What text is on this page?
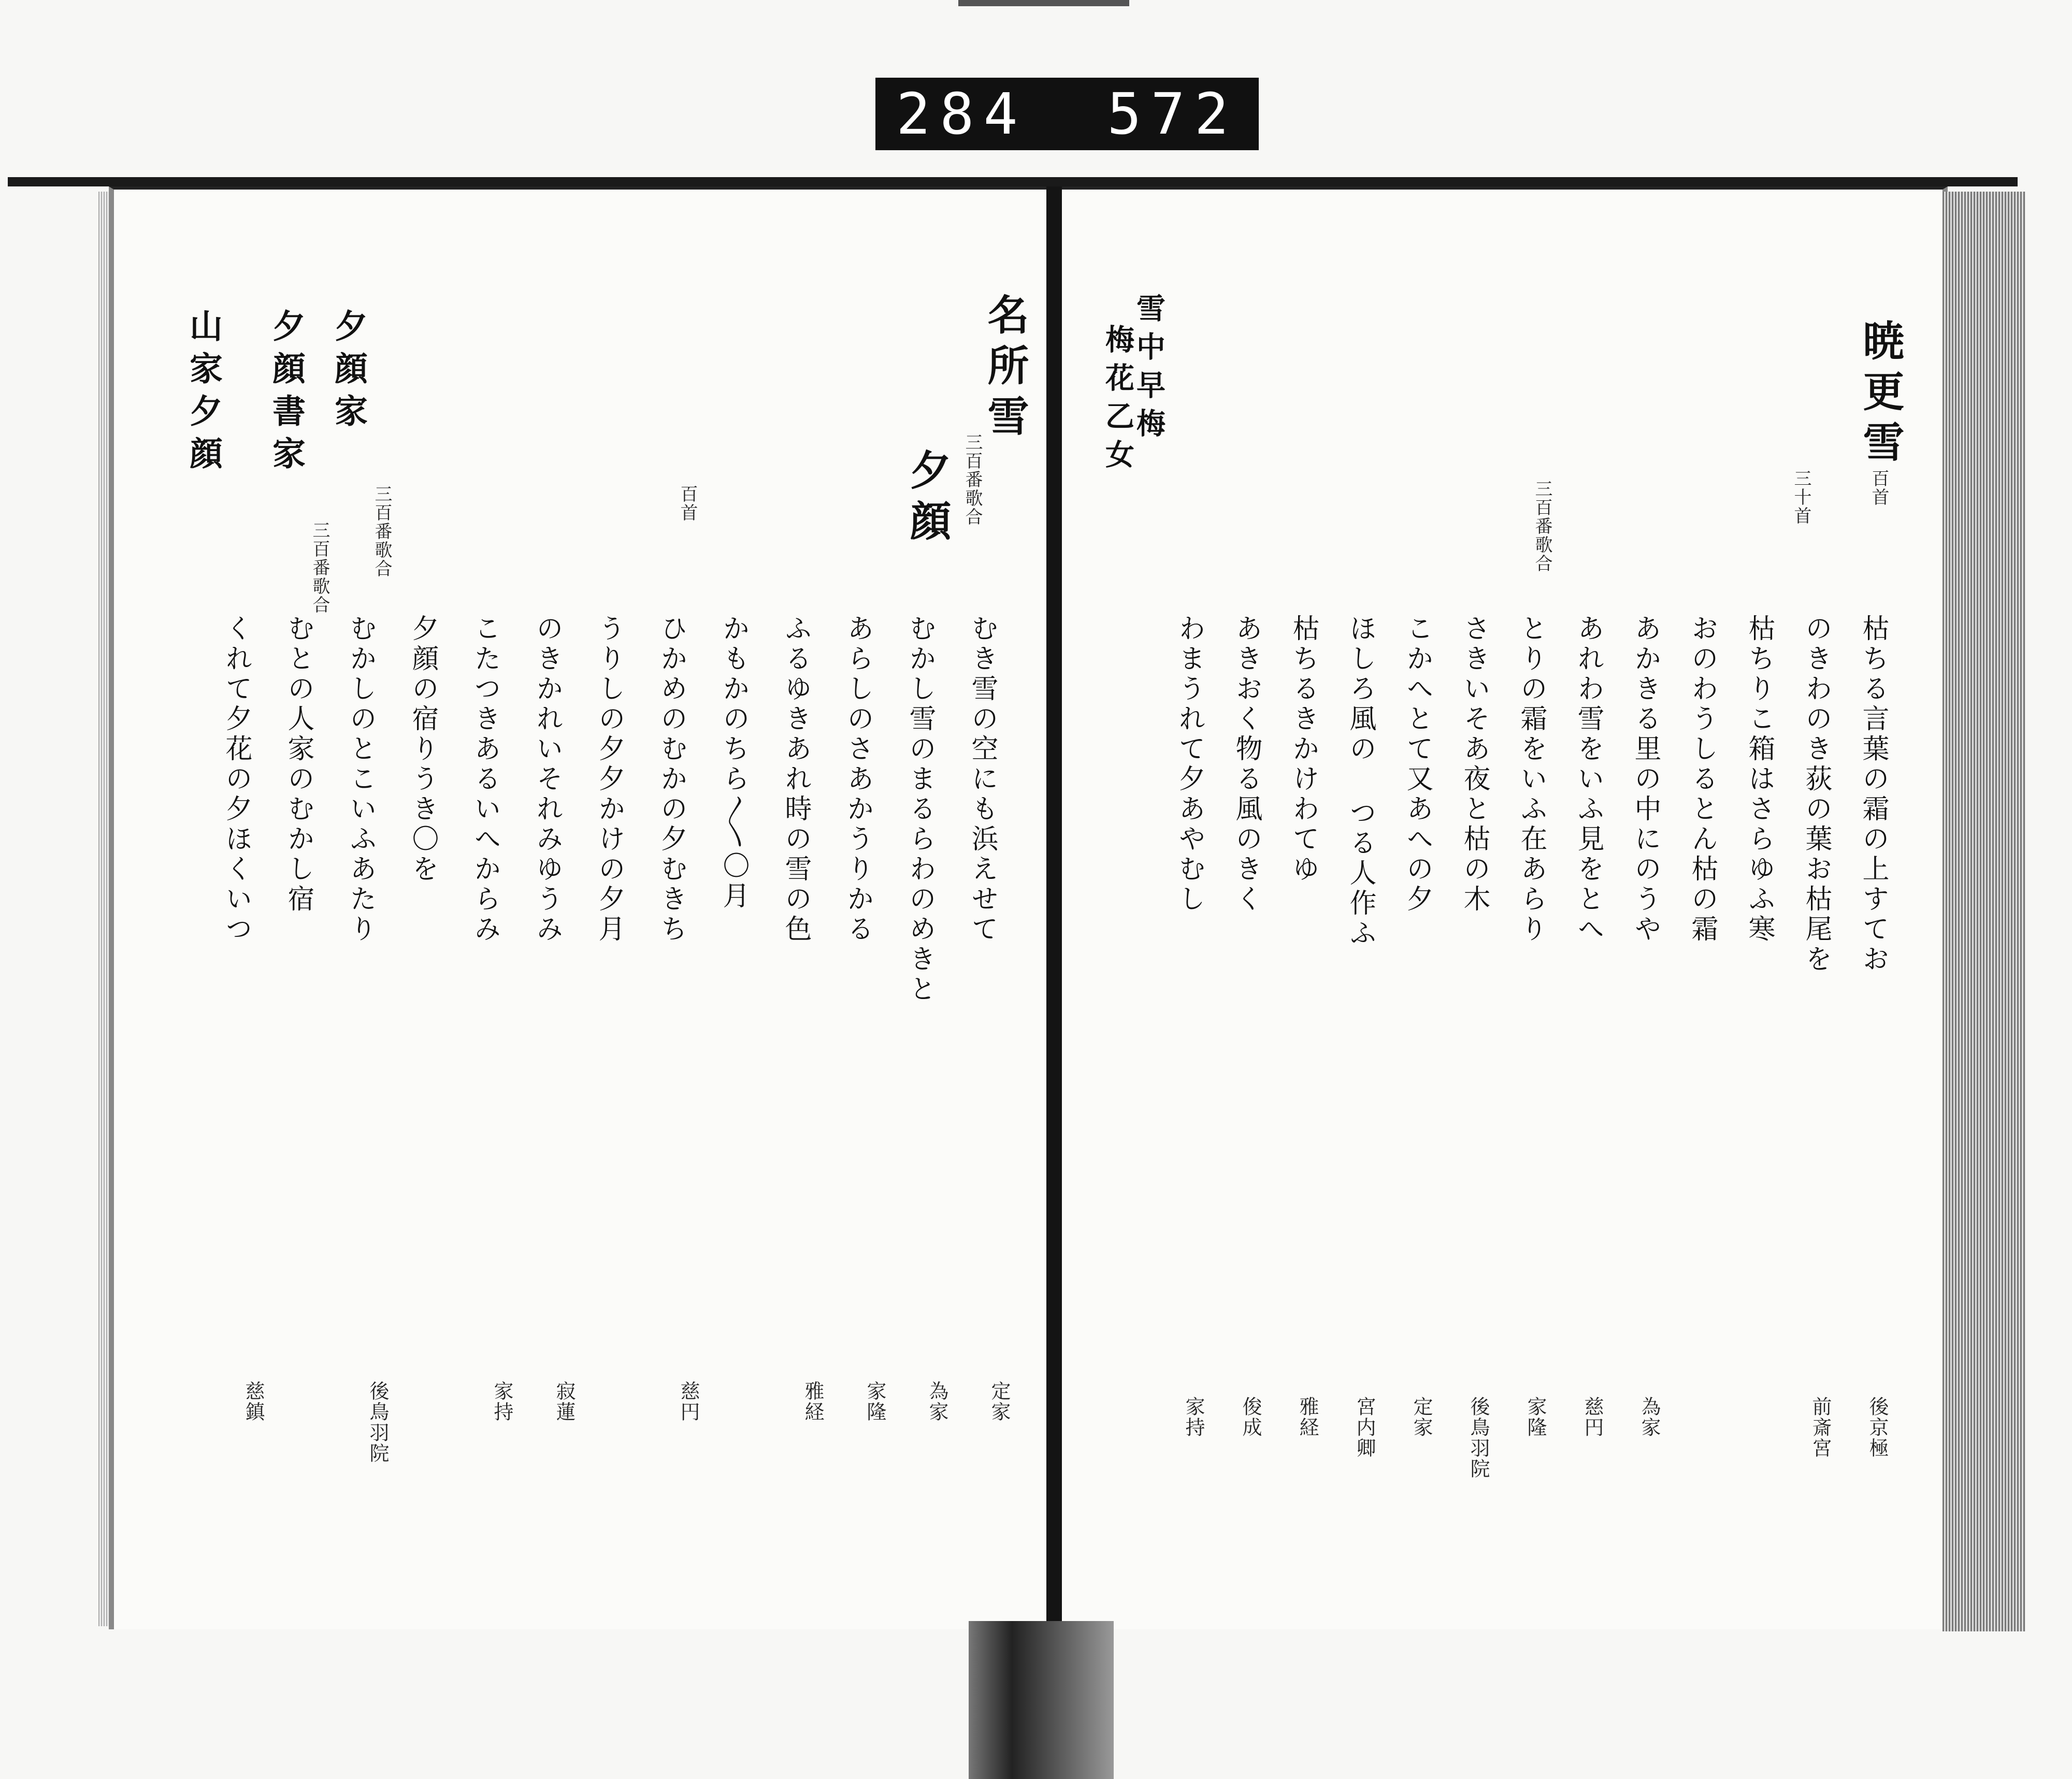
284 572
名所雪
三百番歌合
夕顔
むき雪の空にも浜えせて
むかし雪のまるらわのめきと
あらしのさあかうりかる
ふるゆきあれ時の雪の色
かもかのちら〳〵〇月
百首
ひかめのむかの夕むきち
うりしの夕夕かけの夕月
のきかれいそれみゆうみ
こたつきあるいへからみ
三百番歌合
夕顔の宿りうき〇を
むかしのとこいふあたり
三百番歌合
むとの人家のむかし宿
くれて夕花の夕ほくいつ
定家
為家
家隆
雅経
慈円
寂蓮
家持
後鳥羽院
慈鎮
夕顔家
夕顔書家
山家夕顔	暁更雪
百首
三十首
三百番歌合
雪中早梅
梅花乙女
枯ちる言葉の霜の上すてお
のきわのき荻の葉お枯尾を
枯ちりこ箱はさらゆふ寒
おのわうしるとん枯の霜
あかきる里の中にのうや
あれわ雪をいふ見をとへ
とりの霜をいふ在あらり
さきいそあ夜と枯の木
こかへとて又あへの夕
ほしろ風の つる人作ふ
枯ちるきかけわてゆ
あきおく物る風のきく
わまうれて夕あやむし
後京極
前斎宮
為家
慈円
家隆
後鳥羽院
定家
宮内卿
雅経
俊成
家持
